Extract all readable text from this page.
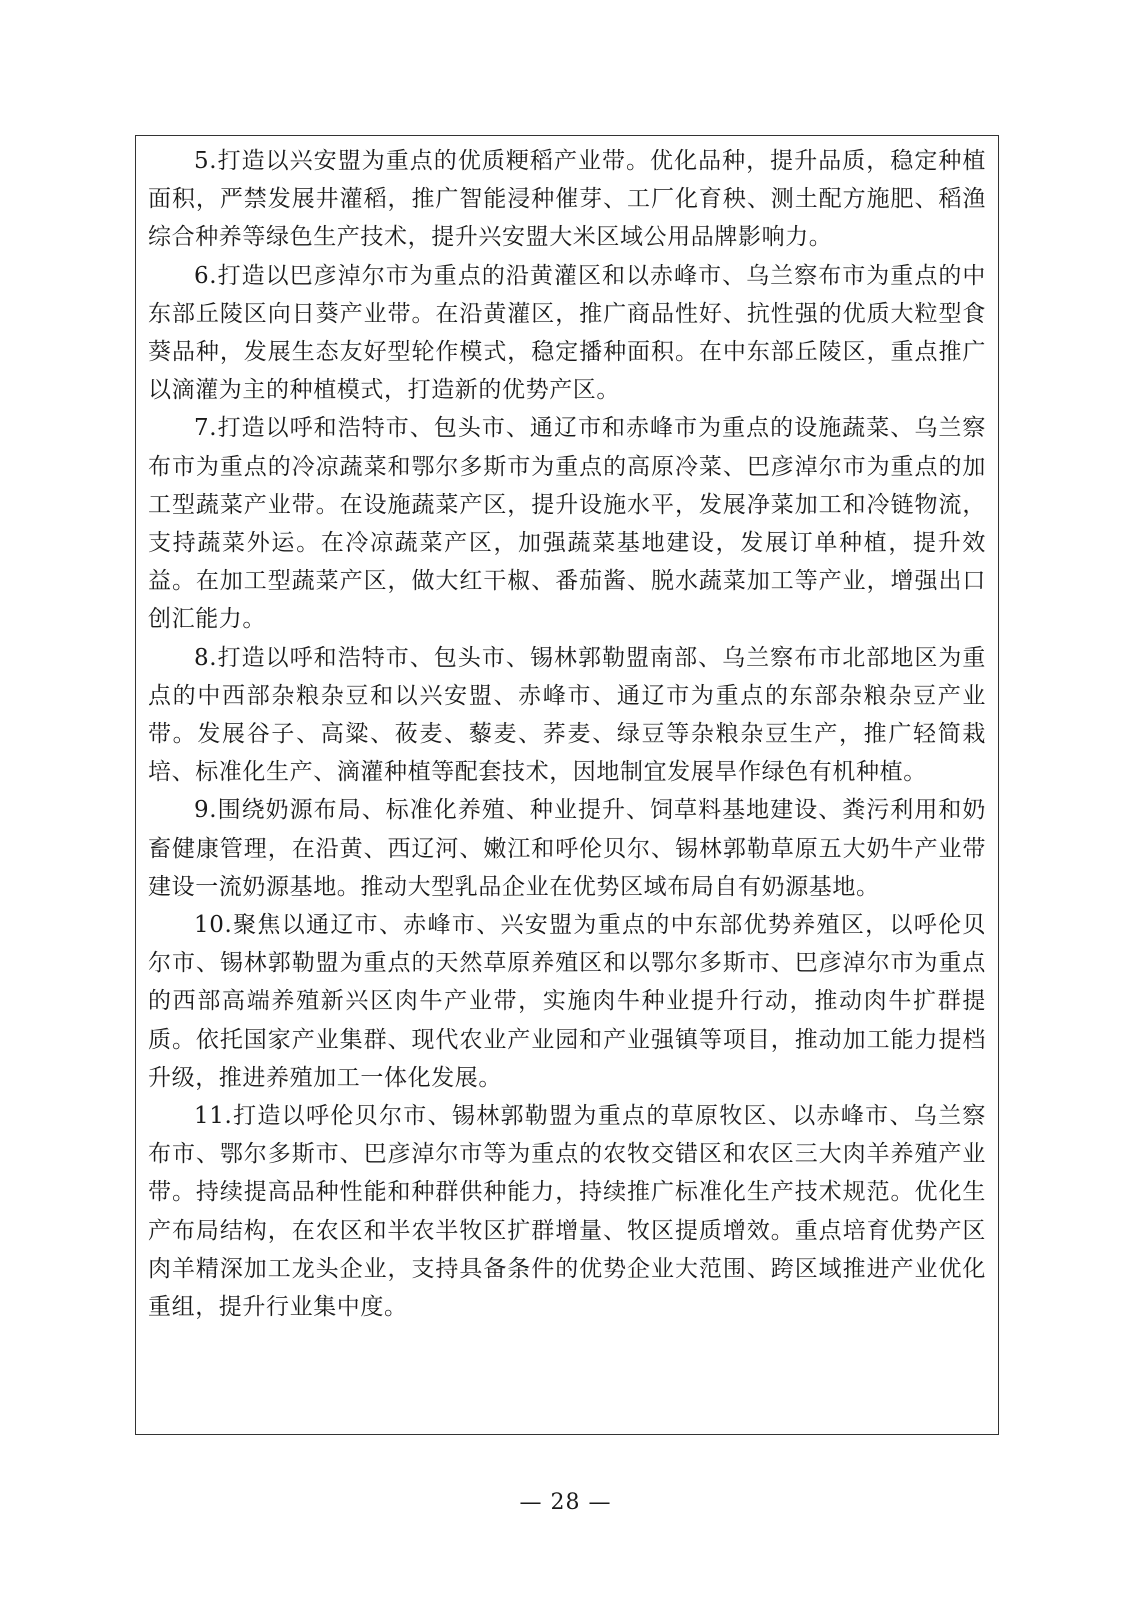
5.打造以兴安盟为重点的优质粳稻产业带。优化品种，提升品质，稳定种植面积，严禁发展井灌稻，推广智能浸种催芽、工厂化育秧、测土配方施肥、稻渔综合种养等绿色生产技术，提升兴安盟大米区域公用品牌影响力。

6.打造以巴彦淖尔市为重点的沿黄灌区和以赤峰市、乌兰察布市为重点的中东部丘陵区向日葵产业带。在沿黄灌区，推广商品性好、抗性强的优质大粒型食葵品种，发展生态友好型轮作模式，稳定播种面积。在中东部丘陵区，重点推广以滴灌为主的种植模式，打造新的优势产区。

7.打造以呼和浩特市、包头市、通辽市和赤峰市为重点的设施蔬菜、乌兰察布市为重点的冷凉蔬菜和鄂尔多斯市为重点的高原冷菜、巴彦淖尔市为重点的加工型蔬菜产业带。在设施蔬菜产区，提升设施水平，发展净菜加工和冷链物流，支持蔬菜外运。在冷凉蔬菜产区，加强蔬菜基地建设，发展订单种植，提升效益。在加工型蔬菜产区，做大红干椒、番茄酱、脱水蔬菜加工等产业，增强出口创汇能力。

8.打造以呼和浩特市、包头市、锡林郭勒盟南部、乌兰察布市北部地区为重点的中西部杂粮杂豆和以兴安盟、赤峰市、通辽市为重点的东部杂粮杂豆产业带。发展谷子、高粱、莜麦、藜麦、荞麦、绿豆等杂粮杂豆生产，推广轻简栽培、标准化生产、滴灌种植等配套技术，因地制宜发展旱作绿色有机种植。

9.围绕奶源布局、标准化养殖、种业提升、饲草料基地建设、粪污利用和奶畜健康管理，在沿黄、西辽河、嫩江和呼伦贝尔、锡林郭勒草原五大奶牛产业带建设一流奶源基地。推动大型乳品企业在优势区域布局自有奶源基地。

10.聚焦以通辽市、赤峰市、兴安盟为重点的中东部优势养殖区，以呼伦贝尔市、锡林郭勒盟为重点的天然草原养殖区和以鄂尔多斯市、巴彦淖尔市为重点的西部高端养殖新兴区肉牛产业带，实施肉牛种业提升行动，推动肉牛扩群提质。依托国家产业集群、现代农业产业园和产业强镇等项目，推动加工能力提档升级，推进养殖加工一体化发展。

11.打造以呼伦贝尔市、锡林郭勒盟为重点的草原牧区、以赤峰市、乌兰察布市、鄂尔多斯市、巴彦淖尔市等为重点的农牧交错区和农区三大肉羊养殖产业带。持续提高品种性能和种群供种能力，持续推广标准化生产技术规范。优化生产布局结构，在农区和半农半牧区扩群增量、牧区提质增效。重点培育优势产区肉羊精深加工龙头企业，支持具备条件的优势企业大范围、跨区域推进产业优化重组，提升行业集中度。

— 28 —
